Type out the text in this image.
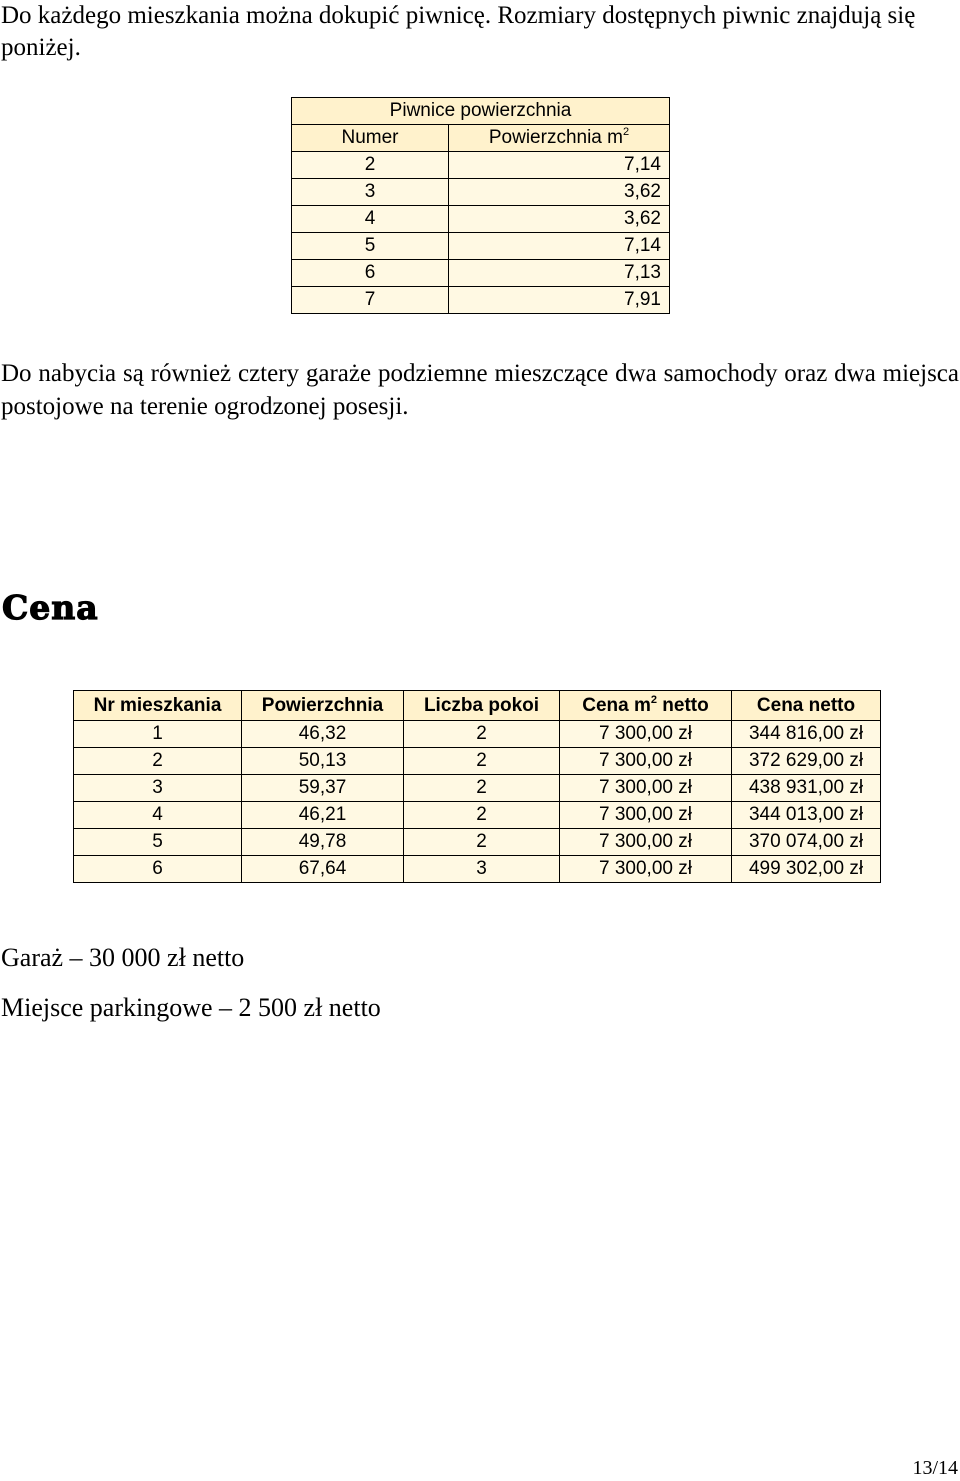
Do każdego mieszkania można dokupić piwnicę. Rozmiary dostępnych piwnic znajdują się poniżej.

Piwnice powierzchnia	
Numer	Powierzchnia $m^2$
2	7,14
3	3,62
4	3,62
5	7,14
6	7,13
7	7,91

Do nabycia są również cztery garaże podziemne mieszczące dwa samochody oraz dwa miejsca postojowe na terenie ogrodzonej posesji.

Cena
Nr mieszkania	Powierzchnia	Liczba pokoi	Cena $m^2$ netto	Cena netto
1	46,32	2	7 300,00 zł	344 816,00 zł
2	50,13	2	7 300,00 zł	372 629,00 zł
3	59,37	2	7 300,00 zł	438 931,00 zł
4	46,21	2	7 300,00 zł	344 013,00 zł
5	49,78	2	7 300,00 zł	370 074,00 zł
6	67,64	3	7 300,00 zł	499 302,00 zł

Garaż – 30 000 zł netto

Miejsce parkingowe – 2 500 zł netto

13/14
